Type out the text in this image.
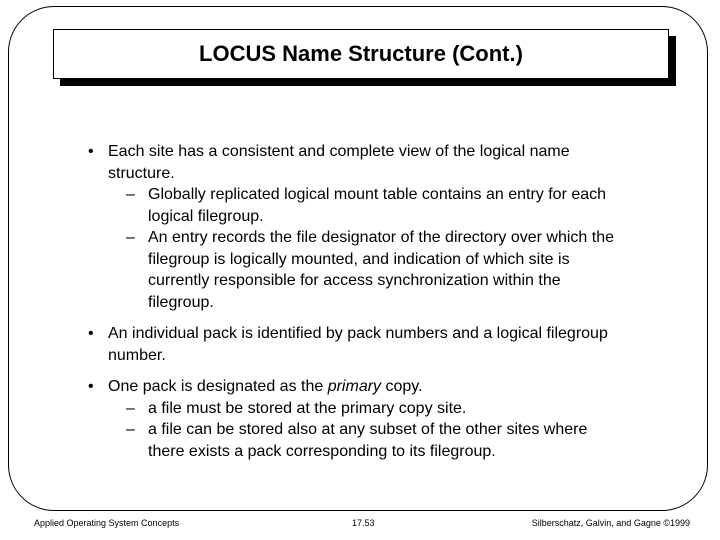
LOCUS Name Structure (Cont.)
• Each site has a consistent and complete view of the logical name structure.
– Globally replicated logical mount table contains an entry for each logical filegroup.
– An entry records the file designator of the directory over which the filegroup is logically mounted, and indication of which site is currently responsible for access synchronization within the filegroup.
• An individual pack is identified by pack numbers and a logical filegroup number.
• One pack is designated as the primary copy.
– a file must be stored at the primary copy site.
– a file can be stored also at any subset of the other sites where there exists a pack corresponding to its filegroup.
Applied Operating System Concepts	17.53	Silberschatz, Galvin, and Gagne ©1999
